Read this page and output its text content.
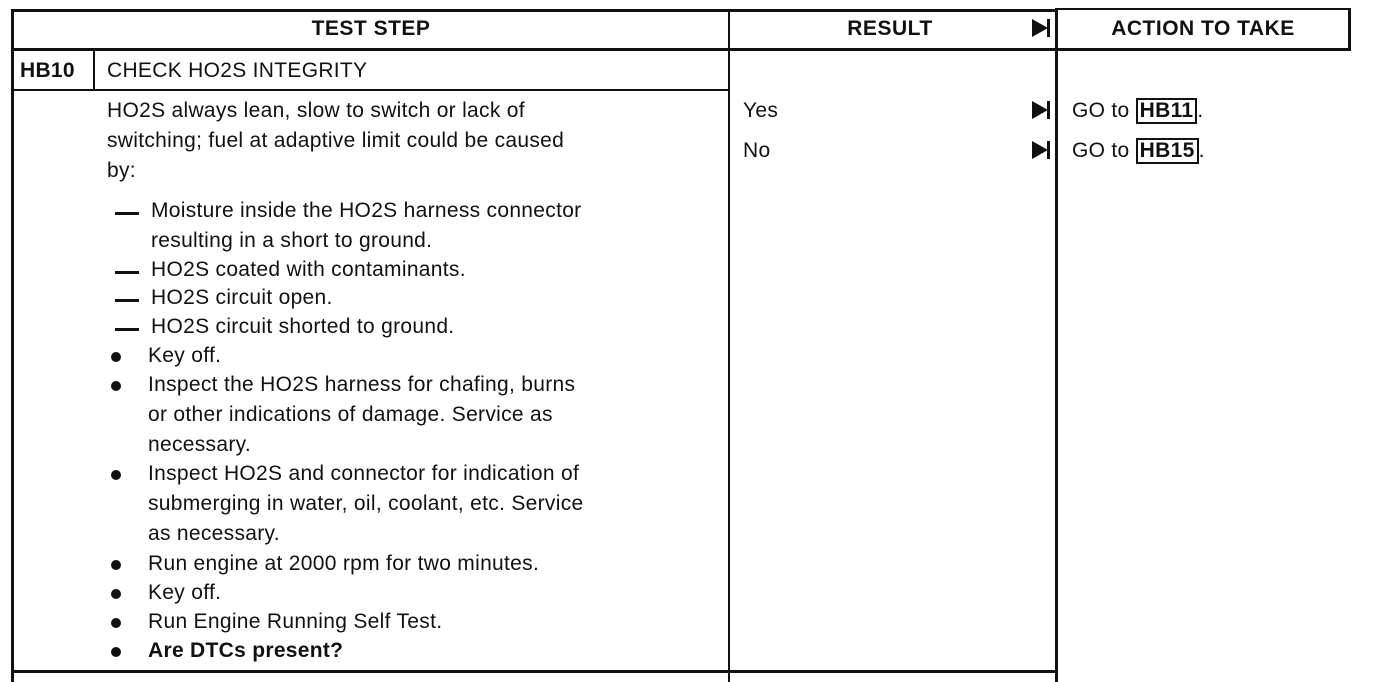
TEST STEP	RESULT	ACTION TO TAKE
HB10 CHECK HO2S INTEGRITY
HO2S always lean, slow to switch or lack of
switching; fuel at adaptive limit could be caused
by:
Moisture inside the HO2S harness connector
resulting in a short to ground.
HO2S coated with contaminants.
HO2S circuit open.
HO2S circuit shorted to ground.
Key off.
Inspect the HO2S harness for chafing, burns
or other indications of damage. Service as
necessary.
Inspect HO2S and connector for indication of
submerging in water, oil, coolant, etc. Service
as necessary.
Run engine at 2000 rpm for two minutes.
Key off.
Run Engine Running Self Test.
Are DTCs present?
Yes	GO to HB11 .
No	GO to HB15 .
